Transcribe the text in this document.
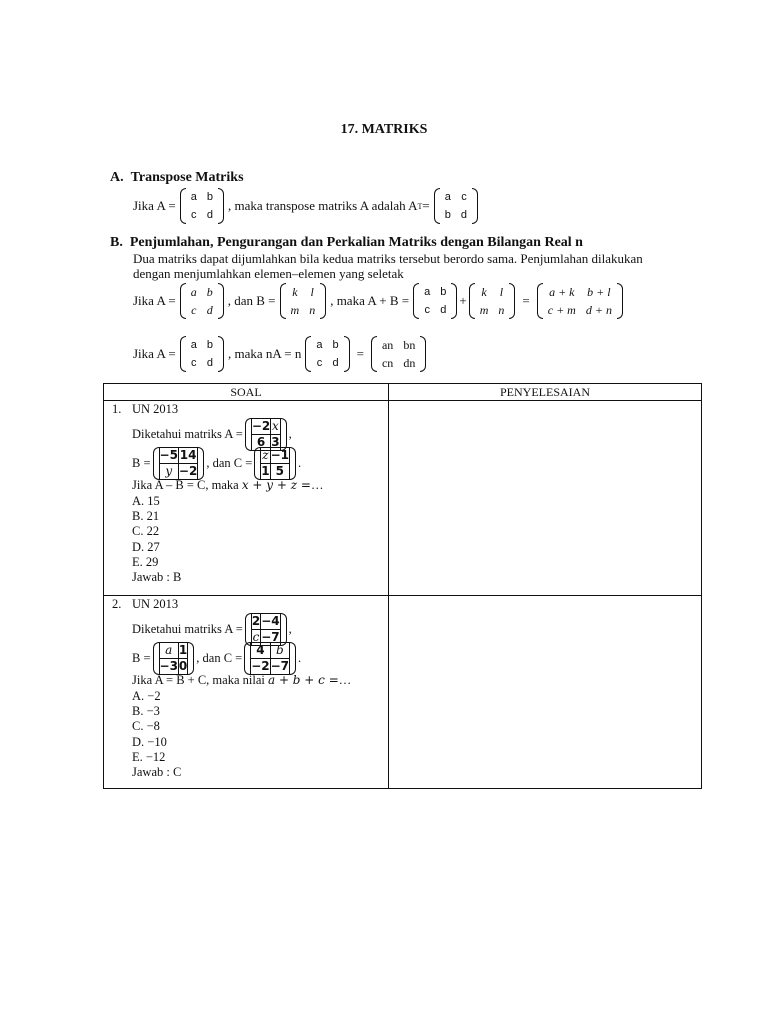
17. MATRIKS
A.  Transpose Matriks
Jika A =
a	b
c	d
, maka transpose matriks A adalah A T =
a	c
b	d
B.  Penjumlahan, Pengurangan dan Perkalian Matriks dengan Bilangan Real n
Dua matriks dapat dijumlahkan bila kedua matriks tersebut berordo sama. Penjumlahan dilakukan
dengan menjumlahkan elemen–elemen yang seletak
Jika A =
a	b
c	d
, dan B =
k	l
m	n
, maka A + B =
a	b
c	d
+
k	l
m	n
=
a + k	b + l
c + m	d + n
Jika A =
a	b
c	d
, maka nA = n
a	b
c	d
=
an	bn
cn	dn
SOAL	PENYELESAIAN

1. UN 2013
Diketahui matriks A =
−2	x
6	3
,
B =
−5	14
y	−2
, dan C =
z	−1
1	5
.
Jika A – B = C, maka x + y + z =…
A. 15
B. 21
C. 22
D. 27
E. 29
Jawab : B

2. UN 2013
Diketahui matriks A =
2	−4
c	−7
,
B =
a	1
−3	0
, dan C =
4	b
−2	−7
.
Jika A = B + C, maka nilai a + b + c =…
A. −2
B. −3
C. −8
D. −10
E. −12
Jawab : C
